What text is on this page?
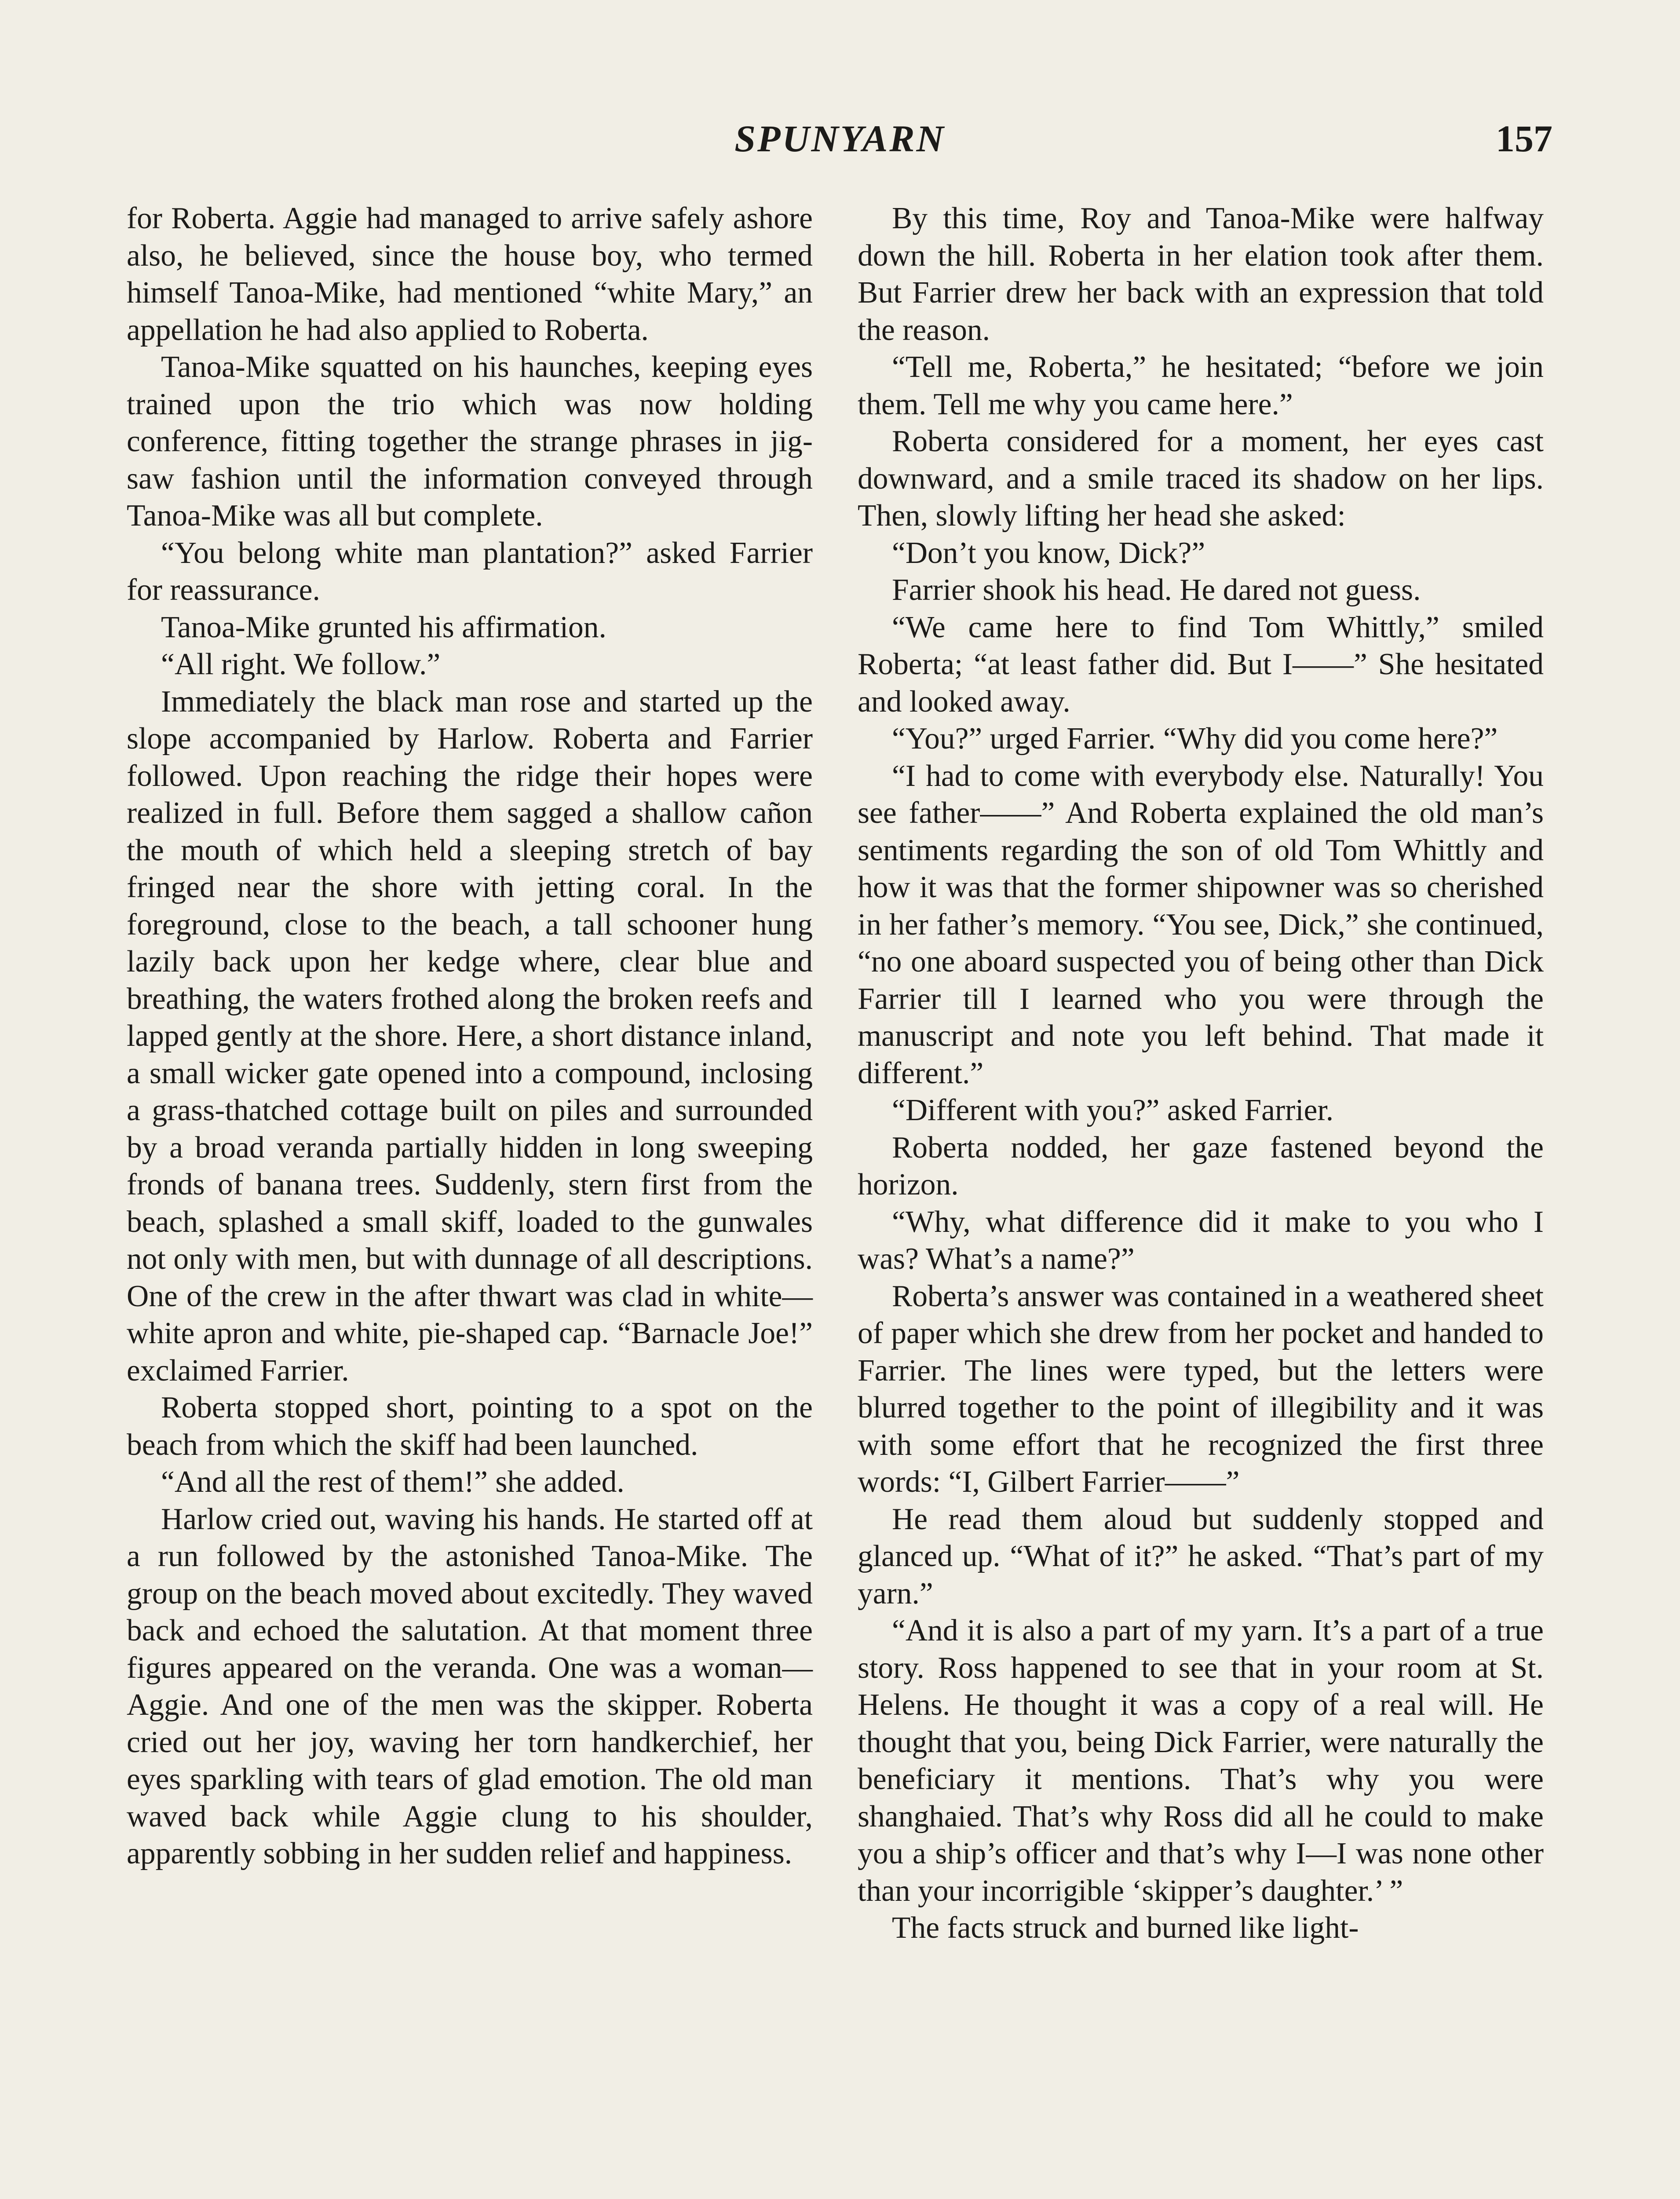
SPUNYARN	157

for Roberta. Aggie had managed to arrive safely ashore also, he believed, since the house boy, who termed himself Tanoa-Mike, had mentioned “white Mary,” an appellation he had also applied to Roberta.

Tanoa-Mike squatted on his haunches, keeping eyes trained upon the trio which was now holding conference, fitting together the strange phrases in jig-saw fashion until the information conveyed through Tanoa-Mike was all but complete.

“You belong white man plantation?” asked Farrier for reassurance.

Tanoa-Mike grunted his affirmation.

“All right. We follow.”

Immediately the black man rose and started up the slope accompanied by Harlow. Roberta and Farrier followed. Upon reaching the ridge their hopes were realized in full. Before them sagged a shallow cañon the mouth of which held a sleeping stretch of bay fringed near the shore with jetting coral. In the foreground, close to the beach, a tall schooner hung lazily back upon her kedge where, clear blue and breathing, the waters frothed along the broken reefs and lapped gently at the shore. Here, a short distance inland, a small wicker gate opened into a compound, inclosing a grass-thatched cottage built on piles and surrounded by a broad veranda partially hidden in long sweeping fronds of banana trees. Suddenly, stern first from the beach, splashed a small skiff, loaded to the gunwales not only with men, but with dunnage of all descriptions. One of the crew in the after thwart was clad in white—white apron and white, pie-shaped cap. “Barnacle Joe!” exclaimed Farrier.

Roberta stopped short, pointing to a spot on the beach from which the skiff had been launched.

“And all the rest of them!” she added.

Harlow cried out, waving his hands. He started off at a run followed by the astonished Tanoa-Mike. The group on the beach moved about excitedly. They waved back and echoed the salutation. At that moment three figures appeared on the veranda. One was a woman—Aggie. And one of the men was the skipper. Roberta cried out her joy, waving her torn handkerchief, her eyes sparkling with tears of glad emotion. The old man waved back while Aggie clung to his shoulder, apparently sobbing in her sudden relief and happiness.

By this time, Roy and Tanoa-Mike were halfway down the hill. Roberta in her elation took after them. But Farrier drew her back with an expression that told the reason.

“Tell me, Roberta,” he hesitated; “before we join them. Tell me why you came here.”

Roberta considered for a moment, her eyes cast downward, and a smile traced its shadow on her lips. Then, slowly lifting her head she asked:

“Don’t you know, Dick?”

Farrier shook his head. He dared not guess.

“We came here to find Tom Whittly,” smiled Roberta; “at least father did. But I——” She hesitated and looked away.

“You?” urged Farrier. “Why did you come here?”

“I had to come with everybody else. Naturally! You see father——” And Roberta explained the old man’s sentiments regarding the son of old Tom Whittly and how it was that the former shipowner was so cherished in her father’s memory. “You see, Dick,” she continued, “no one aboard suspected you of being other than Dick Farrier till I learned who you were through the manuscript and note you left behind. That made it different.”

“Different with you?” asked Farrier.

Roberta nodded, her gaze fastened beyond the horizon.

“Why, what difference did it make to you who I was? What’s a name?”

Roberta’s answer was contained in a weathered sheet of paper which she drew from her pocket and handed to Farrier. The lines were typed, but the letters were blurred together to the point of illegibility and it was with some effort that he recognized the first three words: “I, Gilbert Farrier——”

He read them aloud but suddenly stopped and glanced up. “What of it?” he asked. “That’s part of my yarn.”

“And it is also a part of my yarn. It’s a part of a true story. Ross happened to see that in your room at St. Helens. He thought it was a copy of a real will. He thought that you, being Dick Farrier, were naturally the beneficiary it mentions. That’s why you were shanghaied. That’s why Ross did all he could to make you a ship’s officer and that’s why I—I was none other than your incorrigible ‘skipper’s daughter.’ ”

The facts struck and burned like light-
